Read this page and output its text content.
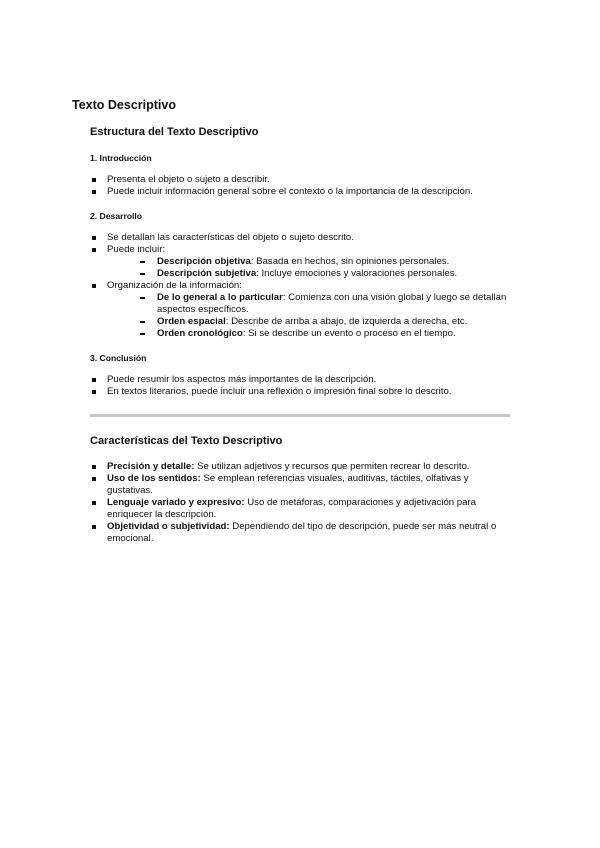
Texto Descriptivo
Estructura del Texto Descriptivo
1. Introducción
Presenta el objeto o sujeto a describir.
Puede incluir información general sobre el contexto o la importancia de la descripción.
2. Desarrollo
Se detallan las características del objeto o sujeto descrito.
Puede incluir:
Descripción objetiva: Basada en hechos, sin opiniones personales.
Descripción subjetiva: Incluye emociones y valoraciones personales.
Organización de la información:
De lo general a lo particular: Comienza con una visión global y luego se detallan aspectos específicos.
Orden espacial: Describe de arriba a abajo, de izquierda a derecha, etc.
Orden cronológico: Si se describe un evento o proceso en el tiempo.
3. Conclusión
Puede resumir los aspectos más importantes de la descripción.
En textos literarios, puede incluir una reflexión o impresión final sobre lo descrito.
Características del Texto Descriptivo
Precisión y detalle: Se utilizan adjetivos y recursos que permiten recrear lo descrito.
Uso de los sentidos: Se emplean referencias visuales, auditivas, táctiles, olfativas y gustativas.
Lenguaje variado y expresivo: Uso de metáforas, comparaciones y adjetivación para enriquecer la descripción.
Objetividad o subjetividad: Dependiendo del tipo de descripción, puede ser más neutral o emocional.
